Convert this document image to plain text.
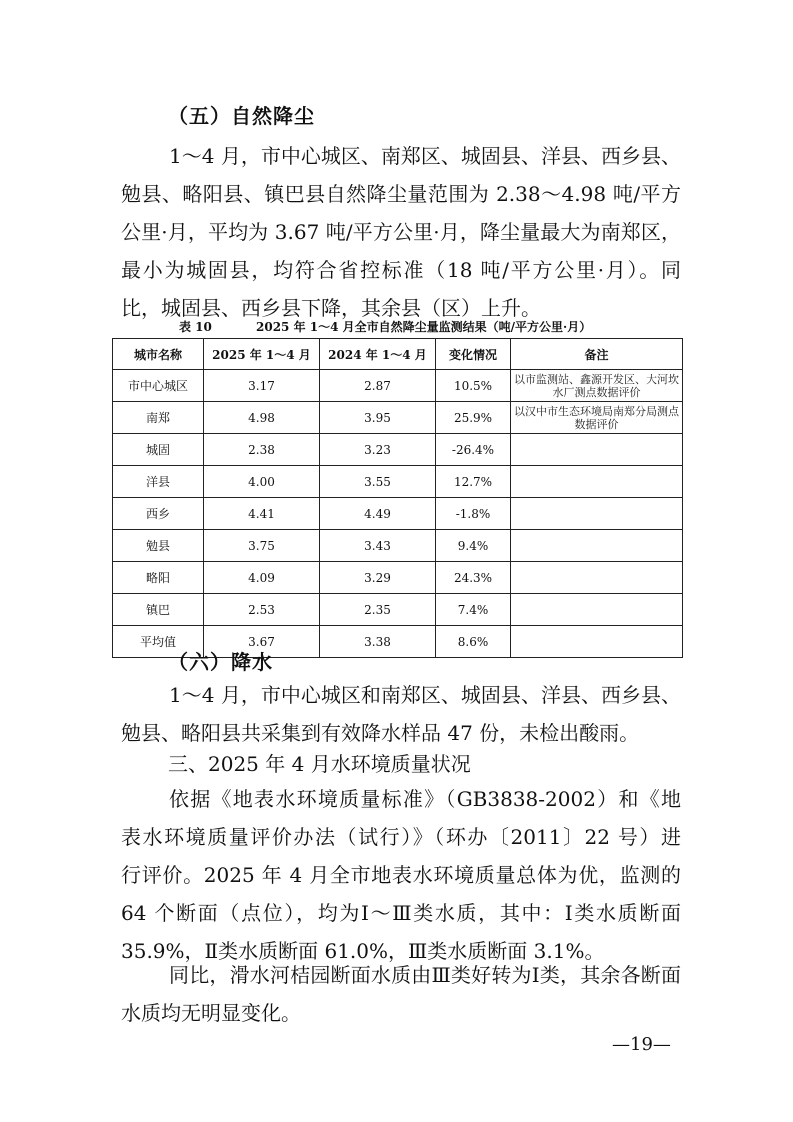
（五）自然降尘
1～4 月，市中心城区、南郑区、城固县、洋县、西乡县、
勉县、略阳县、镇巴县自然降尘量范围为 2.38～4.98 吨/平方
公里·月，平均为 3.67 吨/平方公里·月，降尘量最大为南郑区，
最小为城固县，均符合省控标准（18 吨/平方公里·月）。同
比，城固县、西乡县下降，其余县（区）上升。
表 10	2025 年 1～4 月全市自然降尘量监测结果（吨/平方公里·月）
城市名称	2025 年 1～4 月	2024 年 1～4 月	变化情况	备注
市中心城区	3.17	2.87	10.5%	以市监测站、鑫源开发区、大河坎水厂测点数据评价
南郑	4.98	3.95	25.9%	以汉中市生态环境局南郑分局测点数据评价
城固	2.38	3.23	-26.4%	
洋县	4.00	3.55	12.7%	
西乡	4.41	4.49	-1.8%	
勉县	3.75	3.43	9.4%	
略阳	4.09	3.29	24.3%	
镇巴	2.53	2.35	7.4%	
平均值	3.67	3.38	8.6%	
（六）降水
1～4 月，市中心城区和南郑区、城固县、洋县、西乡县、
勉县、略阳县共采集到有效降水样品 47 份，未检出酸雨。
三、2025 年 4 月水环境质量状况
依据《地表水环境质量标准》（GB3838-2002）和《地
表水环境质量评价办法（试行）》（环办〔2011〕22 号）进
行评价。2025 年 4 月全市地表水环境质量总体为优，监测的
64 个断面（点位），均为Ⅰ～Ⅲ类水质，其中：Ⅰ类水质断面
35.9%，Ⅱ类水质断面 61.0%，Ⅲ类水质断面 3.1%。
同比，滑水河桔园断面水质由Ⅲ类好转为Ⅰ类，其余各断面
水质均无明显变化。
—19—
